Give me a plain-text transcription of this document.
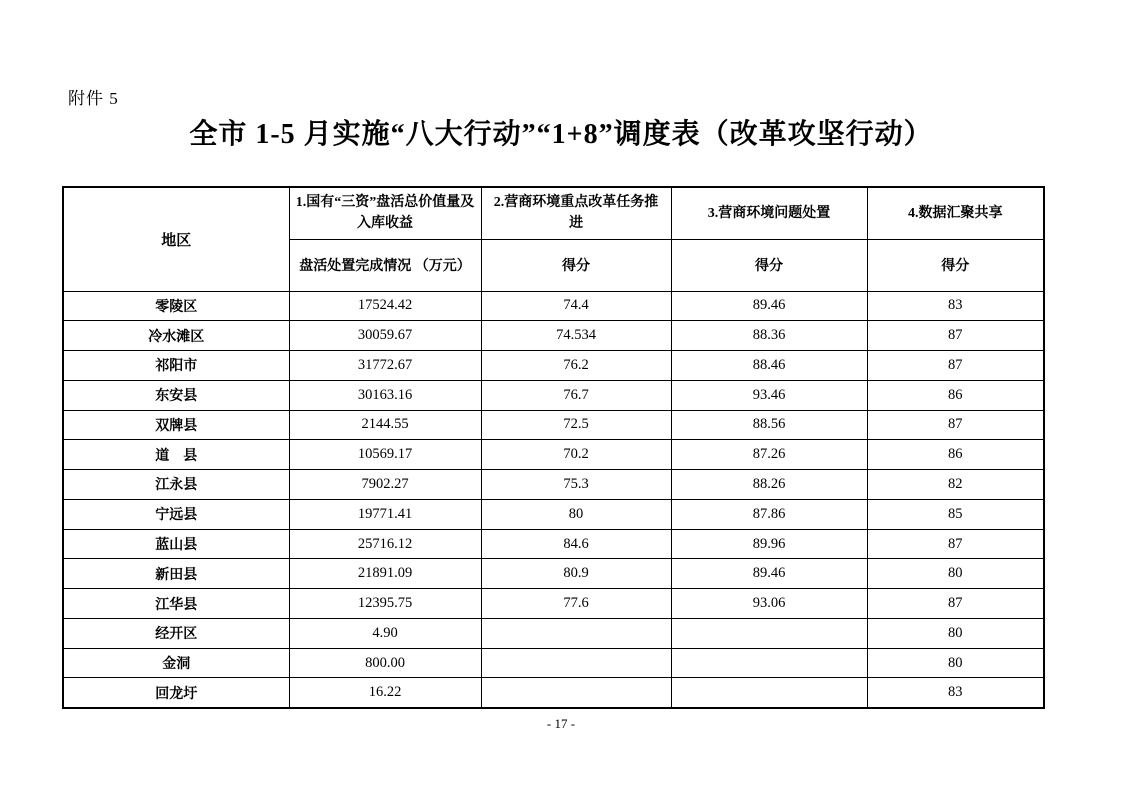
附件 5
全市 1-5 月实施“八大行动”“1+8”调度表（改革攻坚行动）
地区	1.国有“三资”盘活总价值量及入库收益	2.营商环境重点改革任务推进	3.营商环境问题处置	4.数据汇聚共享
	盘活处置完成情况 （万元）	得分	得分	得分
零陵区	17524.42	74.4	89.46	83
冷水滩区	30059.67	74.534	88.36	87
祁阳市	31772.67	76.2	88.46	87
东安县	30163.16	76.7	93.46	86
双牌县	2144.55	72.5	88.56	87
道　县	10569.17	70.2	87.26	86
江永县	7902.27	75.3	88.26	82
宁远县	19771.41	80	87.86	85
蓝山县	25716.12	84.6	89.96	87
新田县	21891.09	80.9	89.46	80
江华县	12395.75	77.6	93.06	87
经开区	4.90			80
金洞	800.00			80
回龙圩	16.22			83
- 17 -
